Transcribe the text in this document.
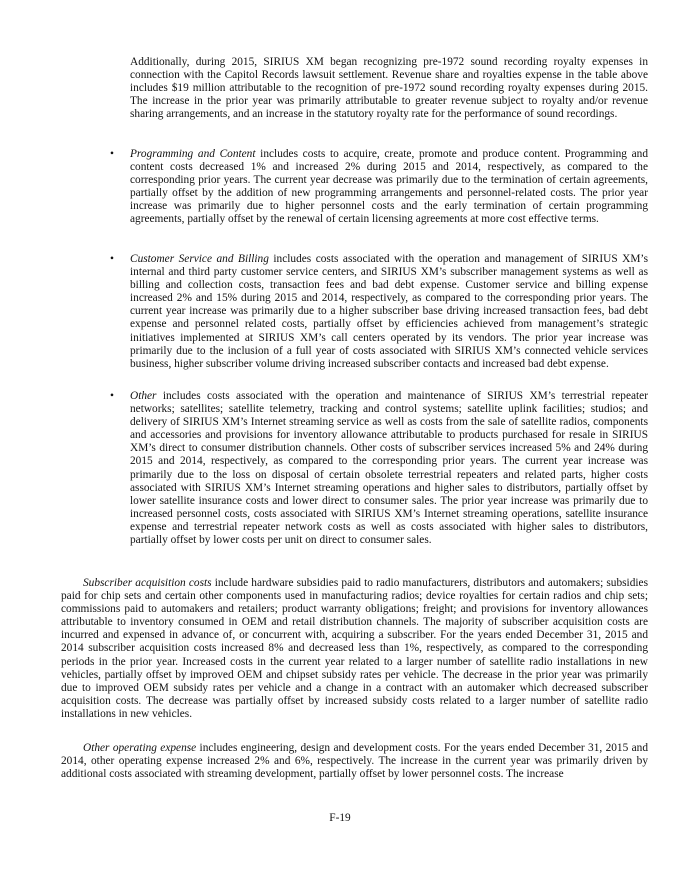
Additionally, during 2015, SIRIUS XM began recognizing pre-1972 sound recording royalty expenses in connection with the Capitol Records lawsuit settlement. Revenue share and royalties expense in the table above includes $19 million attributable to the recognition of pre-1972 sound recording royalty expenses during 2015. The increase in the prior year was primarily attributable to greater revenue subject to royalty and/or revenue sharing arrangements, and an increase in the statutory royalty rate for the performance of sound recordings.

• Programming and Content includes costs to acquire, create, promote and produce content. Programming and content costs decreased 1% and increased 2% during 2015 and 2014, respectively, as compared to the corresponding prior years. The current year decrease was primarily due to the termination of certain agreements, partially offset by the addition of new programming arrangements and personnel-related costs. The prior year increase was primarily due to higher personnel costs and the early termination of certain programming agreements, partially offset by the renewal of certain licensing agreements at more cost effective terms.
• Customer Service and Billing includes costs associated with the operation and management of SIRIUS XM’s internal and third party customer service centers, and SIRIUS XM’s subscriber management systems as well as billing and collection costs, transaction fees and bad debt expense. Customer service and billing expense increased 2% and 15% during 2015 and 2014, respectively, as compared to the corresponding prior years. The current year increase was primarily due to a higher subscriber base driving increased transaction fees, bad debt expense and personnel related costs, partially offset by efficiencies achieved from management’s strategic initiatives implemented at SIRIUS XM’s call centers operated by its vendors. The prior year increase was primarily due to the inclusion of a full year of costs associated with SIRIUS XM’s connected vehicle services business, higher subscriber volume driving increased subscriber contacts and increased bad debt expense.
• Other includes costs associated with the operation and maintenance of SIRIUS XM’s terrestrial repeater networks; satellites; satellite telemetry, tracking and control systems; satellite uplink facilities; studios; and delivery of SIRIUS XM’s Internet streaming service as well as costs from the sale of satellite radios, components and accessories and provisions for inventory allowance attributable to products purchased for resale in SIRIUS XM’s direct to consumer distribution channels. Other costs of subscriber services increased 5% and 24% during 2015 and 2014, respectively, as compared to the corresponding prior years. The current year increase was primarily due to the loss on disposal of certain obsolete terrestrial repeaters and related parts, higher costs associated with SIRIUS XM’s Internet streaming operations and higher sales to distributors, partially offset by lower satellite insurance costs and lower direct to consumer sales. The prior year increase was primarily due to increased personnel costs, costs associated with SIRIUS XM’s Internet streaming operations, satellite insurance expense and terrestrial repeater network costs as well as costs associated with higher sales to distributors, partially offset by lower costs per unit on direct to consumer sales.

Subscriber acquisition costs include hardware subsidies paid to radio manufacturers, distributors and automakers; subsidies paid for chip sets and certain other components used in manufacturing radios; device royalties for certain radios and chip sets; commissions paid to automakers and retailers; product warranty obligations; freight; and provisions for inventory allowances attributable to inventory consumed in OEM and retail distribution channels. The majority of subscriber acquisition costs are incurred and expensed in advance of, or concurrent with, acquiring a subscriber. For the years ended December 31, 2015 and 2014 subscriber acquisition costs increased 8% and decreased less than 1%, respectively, as compared to the corresponding periods in the prior year. Increased costs in the current year related to a larger number of satellite radio installations in new vehicles, partially offset by improved OEM and chipset subsidy rates per vehicle. The decrease in the prior year was primarily due to improved OEM subsidy rates per vehicle and a change in a contract with an automaker which decreased subscriber acquisition costs. The decrease was partially offset by increased subsidy costs related to a larger number of satellite radio installations in new vehicles.

Other operating expense includes engineering, design and development costs. For the years ended December 31, 2015 and 2014, other operating expense increased 2% and 6%, respectively. The increase in the current year was primarily driven by additional costs associated with streaming development, partially offset by lower personnel costs. The increase

F-19
